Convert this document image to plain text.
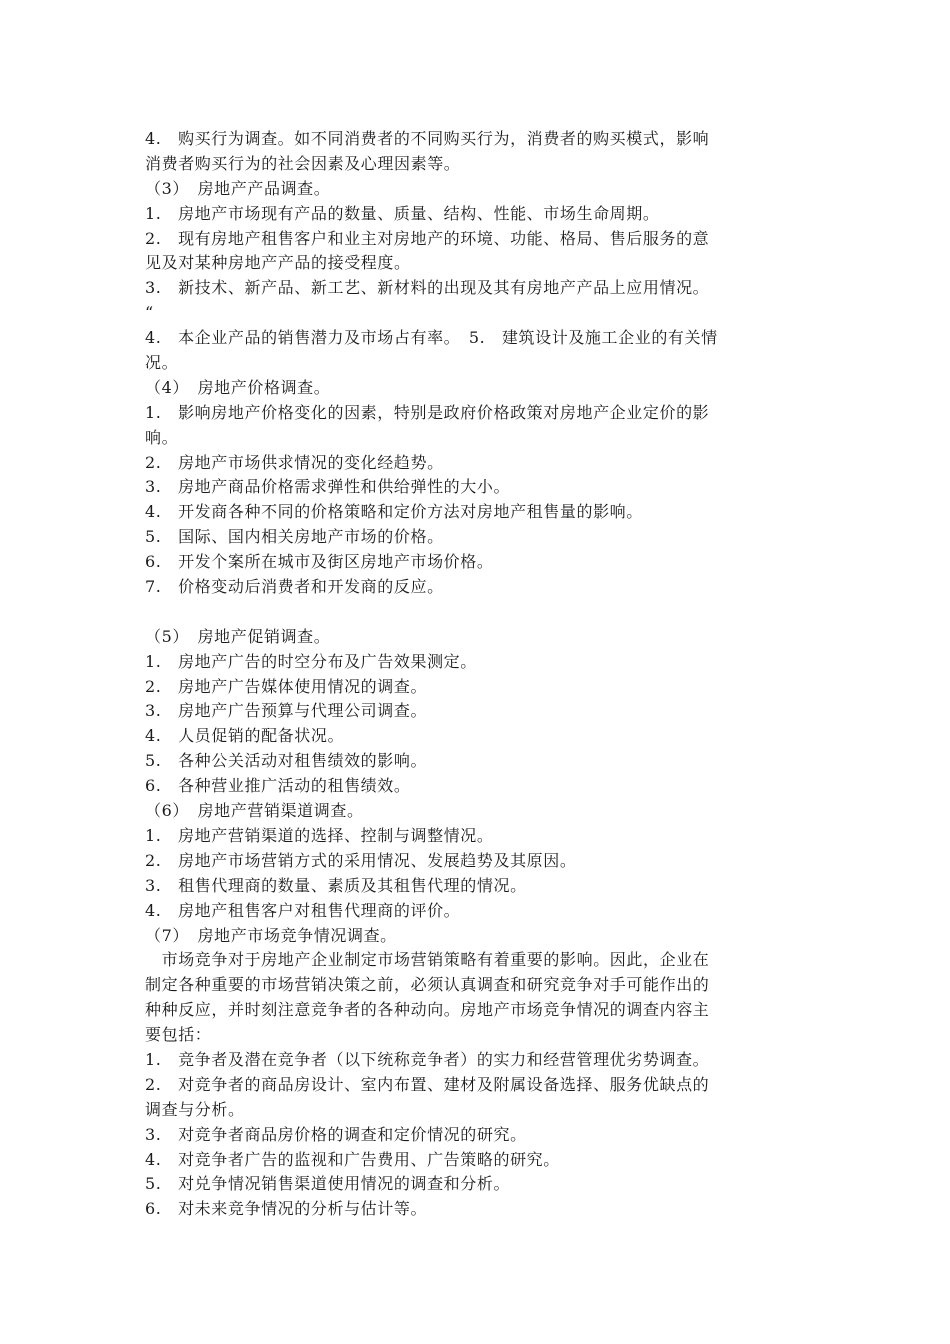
4.　购买行为调查。如不同消费者的不同购买行为，消费者的购买模式，影响
消费者购买行为的社会因素及心理因素等。
（3）　房地产产品调查。
1.　房地产市场现有产品的数量、质量、结构、性能、市场生命周期。
2.　现有房地产租售客户和业主对房地产的环境、功能、格局、售后服务的意
见及对某种房地产产品的接受程度。
3.　新技术、新产品、新工艺、新材料的出现及其有房地产产品上应用情况。
“
4.　本企业产品的销售潜力及市场占有率。　5.　建筑设计及施工企业的有关情
况。
（4）　房地产价格调查。
1.　影响房地产价格变化的因素，特别是政府价格政策对房地产企业定价的影
响。
2.　房地产市场供求情况的变化经趋势。
3.　房地产商品价格需求弹性和供给弹性的大小。
4.　开发商各种不同的价格策略和定价方法对房地产租售量的影响。
5.　国际、国内相关房地产市场的价格。
6.　开发个案所在城市及街区房地产市场价格。
7.　价格变动后消费者和开发商的反应。
（5）　房地产促销调查。
1.　房地产广告的时空分布及广告效果测定。
2.　房地产广告媒体使用情况的调查。
3.　房地产广告预算与代理公司调查。
4.　人员促销的配备状况。
5.　各种公关活动对租售绩效的影响。
6.　各种营业推广活动的租售绩效。
（6）　房地产营销渠道调查。
1.　房地产营销渠道的选择、控制与调整情况。
2.　房地产市场营销方式的采用情况、发展趋势及其原因。
3.　租售代理商的数量、素质及其租售代理的情况。
4.　房地产租售客户对租售代理商的评价。
（7）　房地产市场竞争情况调查。
　市场竞争对于房地产企业制定市场营销策略有着重要的影响。因此，企业在
制定各种重要的市场营销决策之前，必须认真调查和研究竞争对手可能作出的
种种反应，并时刻注意竞争者的各种动向。房地产市场竞争情况的调查内容主
要包括：
1.　竞争者及潜在竞争者（以下统称竞争者）的实力和经营管理优劣势调查。
2.　对竞争者的商品房设计、室内布置、建材及附属设备选择、服务优缺点的
调查与分析。
3.　对竞争者商品房价格的调查和定价情况的研究。
4.　对竞争者广告的监视和广告费用、广告策略的研究。
5.　对兑争情况销售渠道使用情况的调查和分析。
6.　对未来竞争情况的分析与估计等。
